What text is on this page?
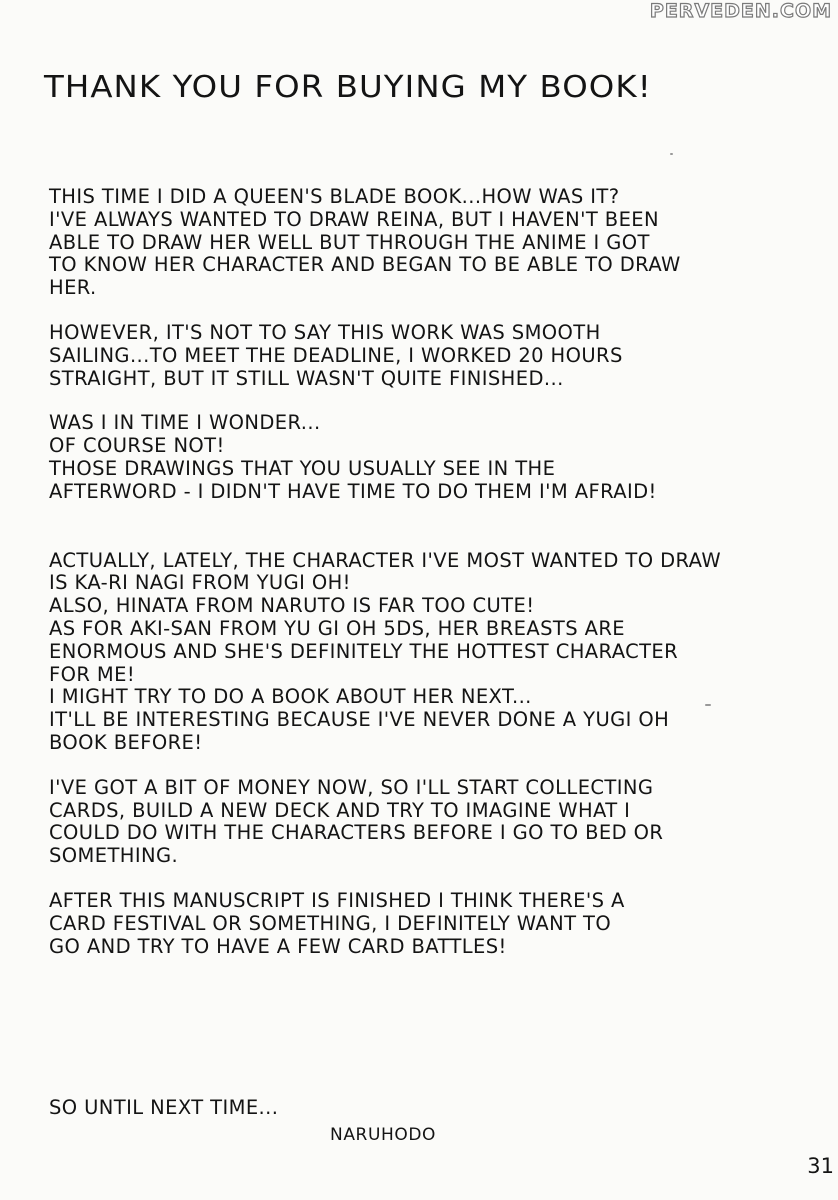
PERVEDEN.COM
THANK YOU FOR BUYING MY BOOK!

THIS TIME I DID A QUEEN'S BLADE BOOK...HOW WAS IT?
I'VE ALWAYS WANTED TO DRAW REINA, BUT I HAVEN'T BEEN
ABLE TO DRAW HER WELL BUT THROUGH THE ANIME I GOT
TO KNOW HER CHARACTER AND BEGAN TO BE ABLE TO DRAW
HER.

HOWEVER, IT'S NOT TO SAY THIS WORK WAS SMOOTH
SAILING...TO MEET THE DEADLINE, I WORKED 20 HOURS
STRAIGHT, BUT IT STILL WASN'T QUITE FINISHED...

WAS I IN TIME I WONDER...
OF COURSE NOT!
THOSE DRAWINGS THAT YOU USUALLY SEE IN THE
AFTERWORD - I DIDN'T HAVE TIME TO DO THEM I'M AFRAID!

ACTUALLY, LATELY, THE CHARACTER I'VE MOST WANTED TO DRAW
IS KA-RI NAGI FROM YUGI OH!
ALSO, HINATA FROM NARUTO IS FAR TOO CUTE!
AS FOR AKI-SAN FROM YU GI OH 5DS, HER BREASTS ARE
ENORMOUS AND SHE'S DEFINITELY THE HOTTEST CHARACTER
FOR ME!
I MIGHT TRY TO DO A BOOK ABOUT HER NEXT...
IT'LL BE INTERESTING BECAUSE I'VE NEVER DONE A YUGI OH
BOOK BEFORE!

I'VE GOT A BIT OF MONEY NOW, SO I'LL START COLLECTING
CARDS, BUILD A NEW DECK AND TRY TO IMAGINE WHAT I
COULD DO WITH THE CHARACTERS BEFORE I GO TO BED OR
SOMETHING.

AFTER THIS MANUSCRIPT IS FINISHED I THINK THERE'S A
CARD FESTIVAL OR SOMETHING, I DEFINITELY WANT TO
GO AND TRY TO HAVE A FEW CARD BATTLES!

SO UNTIL NEXT TIME...

NARUHODO

31
